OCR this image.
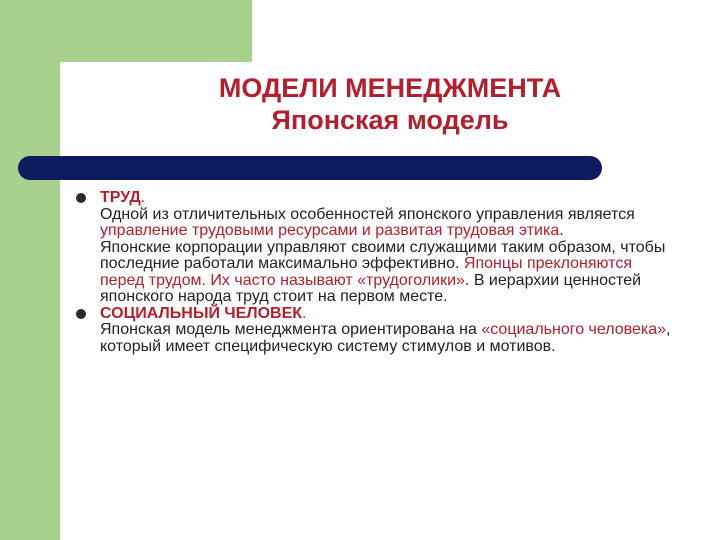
МОДЕЛИ МЕНЕДЖМЕНТА
Японская модель
ТРУД.
Одной из отличительных особенностей японского управления является управление трудовыми ресурсами и развитая трудовая этика.
Японские корпорации управляют своими служащими таким образом, чтобы последние работали максимально эффективно. Японцы преклоняются перед трудом. Их часто называют «трудоголики». В иерархии ценностей японского народа труд стоит на первом месте.
СОЦИАЛЬНЫЙ ЧЕЛОВЕК.
Японская модель менеджмента ориентирована на «социального человека», который имеет специфическую систему стимулов и мотивов.
